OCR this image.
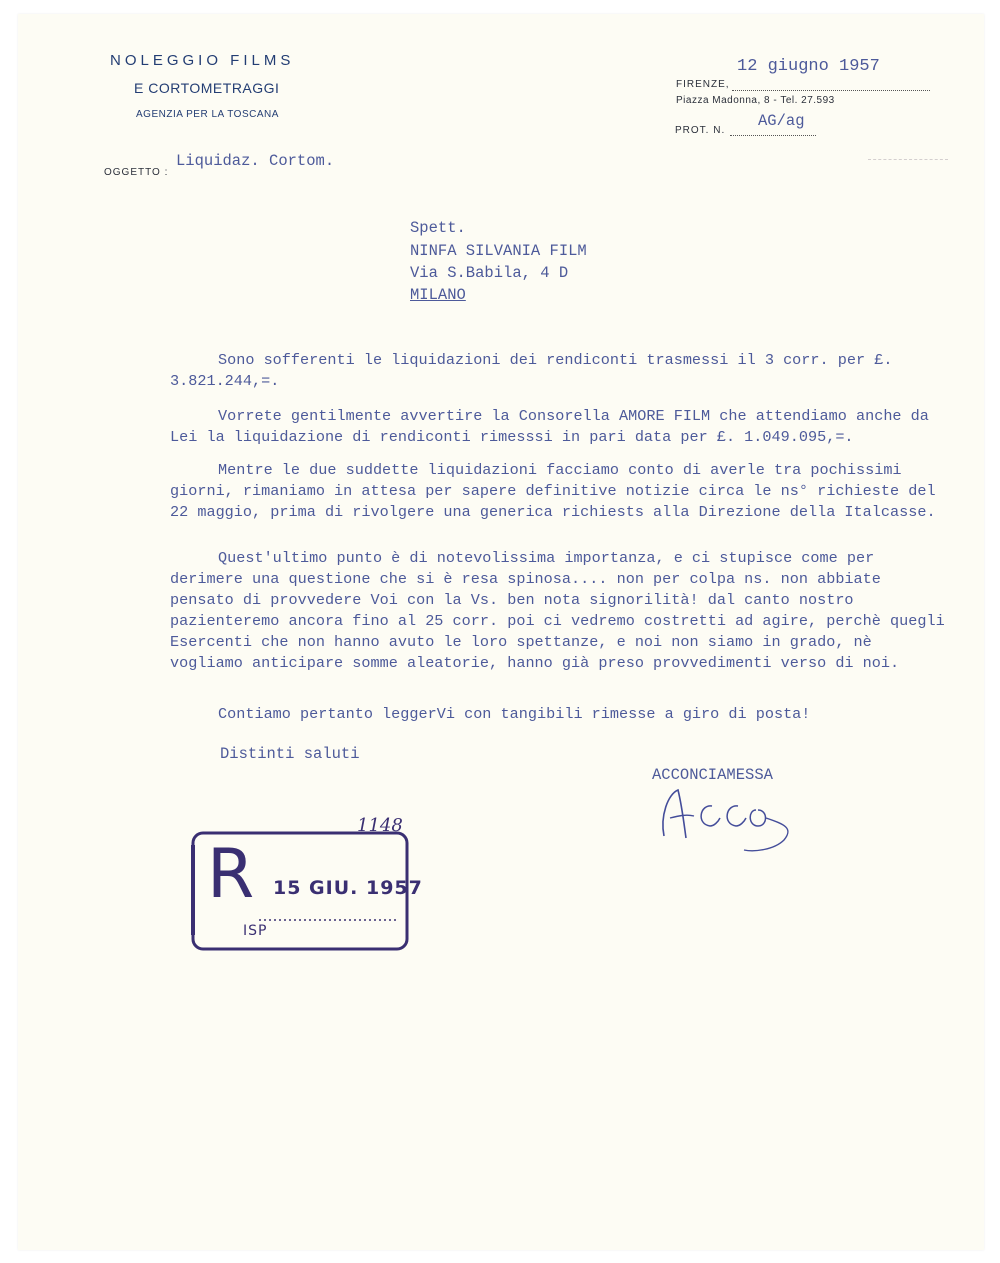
NOLEGGIO FILMS
E CORTOMETRAGGI
AGENZIA PER LA TOSCANA
12 giugno 1957
FIRENZE,
Piazza Madonna, 8 - Tel. 27.593
PROT. N.
AG/ag
OGGETTO :
Liquidaz. Cortom.
Spett.
NINFA SILVANIA FILM
Via S.Babila, 4 D
MILANO
Sono sofferenti le liquidazioni dei rendiconti trasmessi il 3 corr. per £. 3.821.244,=.
Vorrete gentilmente avvertire la Consorella AMORE FILM che attendiamo anche da Lei la liquidazione di rendiconti rimesssi in pari data per £. 1.049.095,=.
Mentre le due suddette liquidazioni facciamo conto di averle tra pochissimi giorni, rimaniamo in attesa per sapere definitive notizie circa le ns° richieste del 22 maggio, prima di rivolgere una generica richiests alla Direzione della Italcasse.
Quest'ultimo punto è di notevolissima importanza, e ci stupisce come per derimere una questione che si è resa spinosa.... non per colpa ns. non abbiate pensato di provvedere Voi con la Vs. ben nota signorilità! dal canto nostro pazienteremo ancora fino al 25 corr. poi ci vedremo costretti ad agire, perchè quegli Esercenti che non hanno avuto le loro spettanze, e noi non siamo in grado, nè vogliamo anticipare somme aleatorie, hanno già preso provvedimenti verso di noi.
Contiamo pertanto leggerVi con tangibili rimesse a giro di posta!
Distinti saluti
ACCONCIAMESSA
R
1148
15 GIU. 1957
ISP
